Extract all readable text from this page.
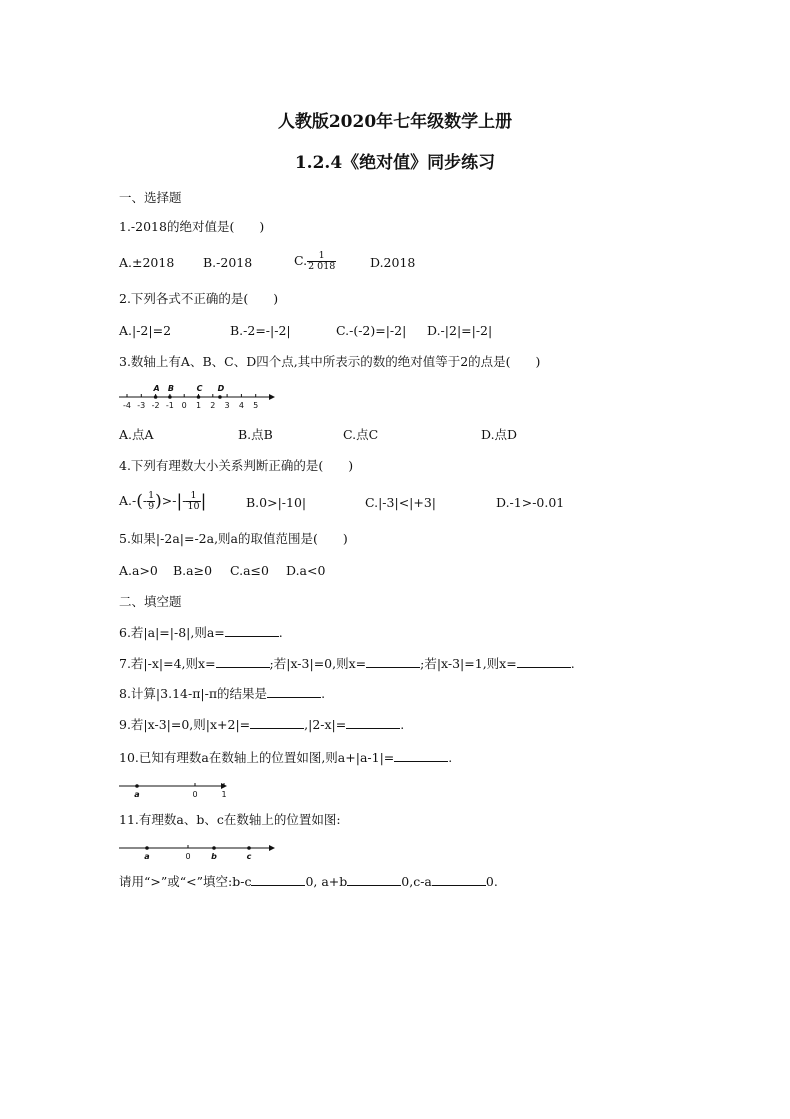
人教版2020年七年级数学上册
1.2.4《绝对值》同步练习
一、选择题
1.-2018的绝对值是(　　)
A.±2018 B.-2018	C. $\frac{1}{2 018}$	D.2018
2.下列各式不正确的是(　　)
A.|-2|=2	B.-2=-|-2|	C.-(-2)=|-2| D.-|2|=|-2|
3.数轴上有A、B、C、D四个点,其中所表示的数的绝对值等于2的点是(　　)
-4 -3 -2 -1 0 1 2 3 4 5
A B	C D
A.点A	B.点B	C.点C	D.点D
4.下列有理数大小关系判断正确的是(　　)
$A.-(- \frac{1}{9}$ )>-|- $\frac{1}{10}$ |	B.0>|-10|	C.|-3|<|+3|	D.-1>-0.01
5.如果|-2a|=-2a,则a的取值范围是(　　)
A.a>0 B.a≥0 C.a≤0 D.a<0
二、填空题
6.若|a|=|-8|,则a=	.
7.若|-x|=4,则x=	;若|x-3|=0,则x=	;若|x-3|=1,则x=	.
8.计算|3.14-π|-π的结果是	.
9.若|x-3|=0,则|x+2|=	,|2-x|=	.
10.已知有理数a在数轴上的位置如图,则a+|a-1|=	.
a	0	1
11.有理数a、b、c在数轴上的位置如图:
a	0	b	c
请用“>”或“<”填空:b-c	0, a+b	0,c-a	0.
